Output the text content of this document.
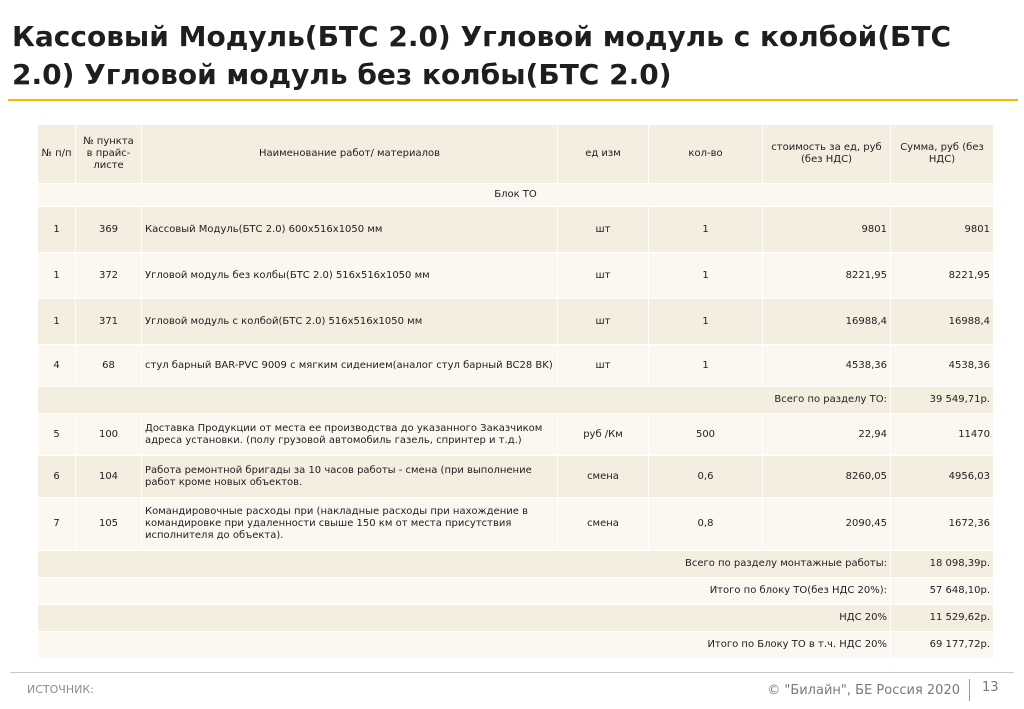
Кассовый Модуль(БТС 2.0) Угловой модуль с колбой(БТС 2.0) Угловой модуль без колбы(БТС 2.0)
№ п/п	№ пункта в прайс-листе	Наименование работ/ материалов	ед изм	кол-во	стоимость за ед, руб (без НДС)	Сумма, руб (без НДС)
Блок ТО						
1	369	Кассовый Модуль(БТС 2.0) 600x516x1050 мм	шт	1	9801	9801
1	372	Угловой модуль без колбы(БТС 2.0) 516x516x1050 мм	шт	1	8221,95	8221,95
1	371	Угловой модуль с колбой(БТС 2.0) 516x516x1050 мм	шт	1	16988,4	16988,4
4	68	стул барный BAR-PVC 9009 с мягким сидением(аналог стул барный BC28 BK)	шт	1	4538,36	4538,36
Всего по разделу ТО:						39 549,71р.
5	100	Доставка Продукции от места ее производства до указанного Заказчиком адреса установки. (полу грузовой автомобиль газель, спринтер и т.д.)	руб /Км	500	22,94	11470
6	104	Работа ремонтной бригады за 10 часов работы - смена (при выполнение работ кроме новых объектов.	смена	0,6	8260,05	4956,03
7	105	Командировочные расходы при (накладные расходы при нахождение в командировке при удаленности свыше 150 км от места присутствия исполнителя до объекта).	смена	0,8	2090,45	1672,36
Всего по разделу монтажные работы:						18 098,39р.
Итого по блоку ТО(без НДС 20%):						57 648,10р.
НДС 20%						11 529,62р.
Итого по Блоку ТО в т.ч. НДС 20%						69 177,72р.
ИСТОЧНИК:	© "Билайн", БЕ Россия 2020 13
